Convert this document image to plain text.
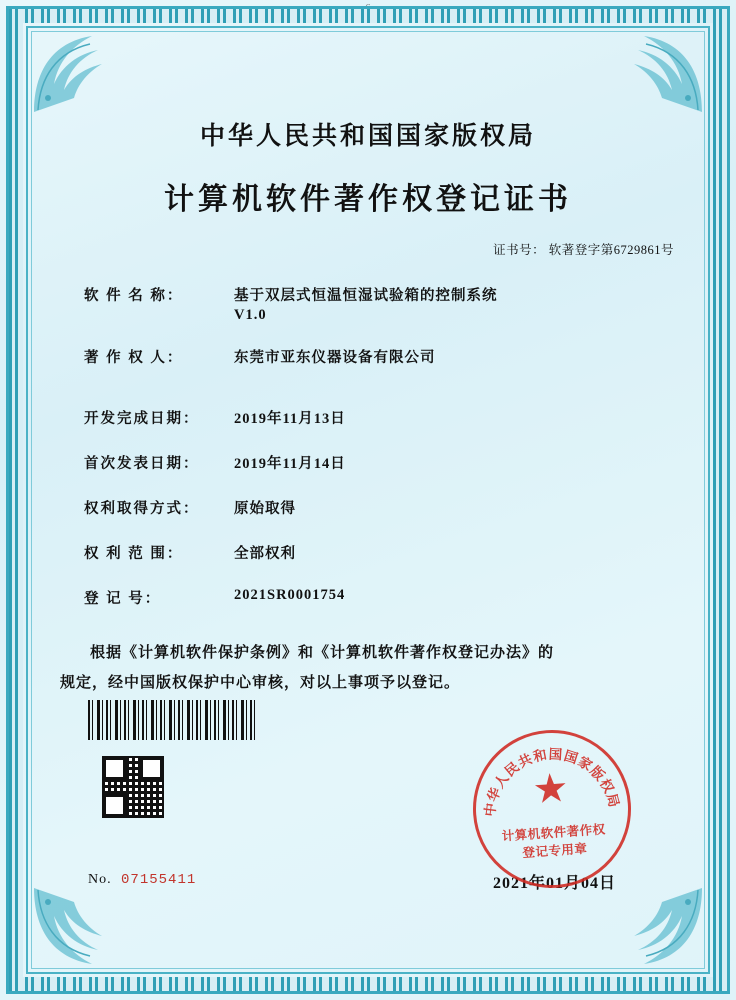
6
中华人民共和国国家版权局
计算机软件著作权登记证书
证书号： 软著登字第6729861号
软 件 名 称：	基于双层式恒温恒湿试验箱的控制系统
V1.0
著 作 权 人：	东莞市亚东仪器设备有限公司
开发完成日期：	2019年11月13日
首次发表日期：	2019年11月14日
权利取得方式：	原始取得
权 利 范 围：	全部权利
登 记 号：	2021SR0001754
根据《计算机软件保护条例》和《计算机软件著作权登记办法》的
规定，经中国版权保护中心审核，对以上事项予以登记。
No. 07155411	2021年01月04日
中华人民共和国国家版权局
★
计算机软件著作权
登记专用章
